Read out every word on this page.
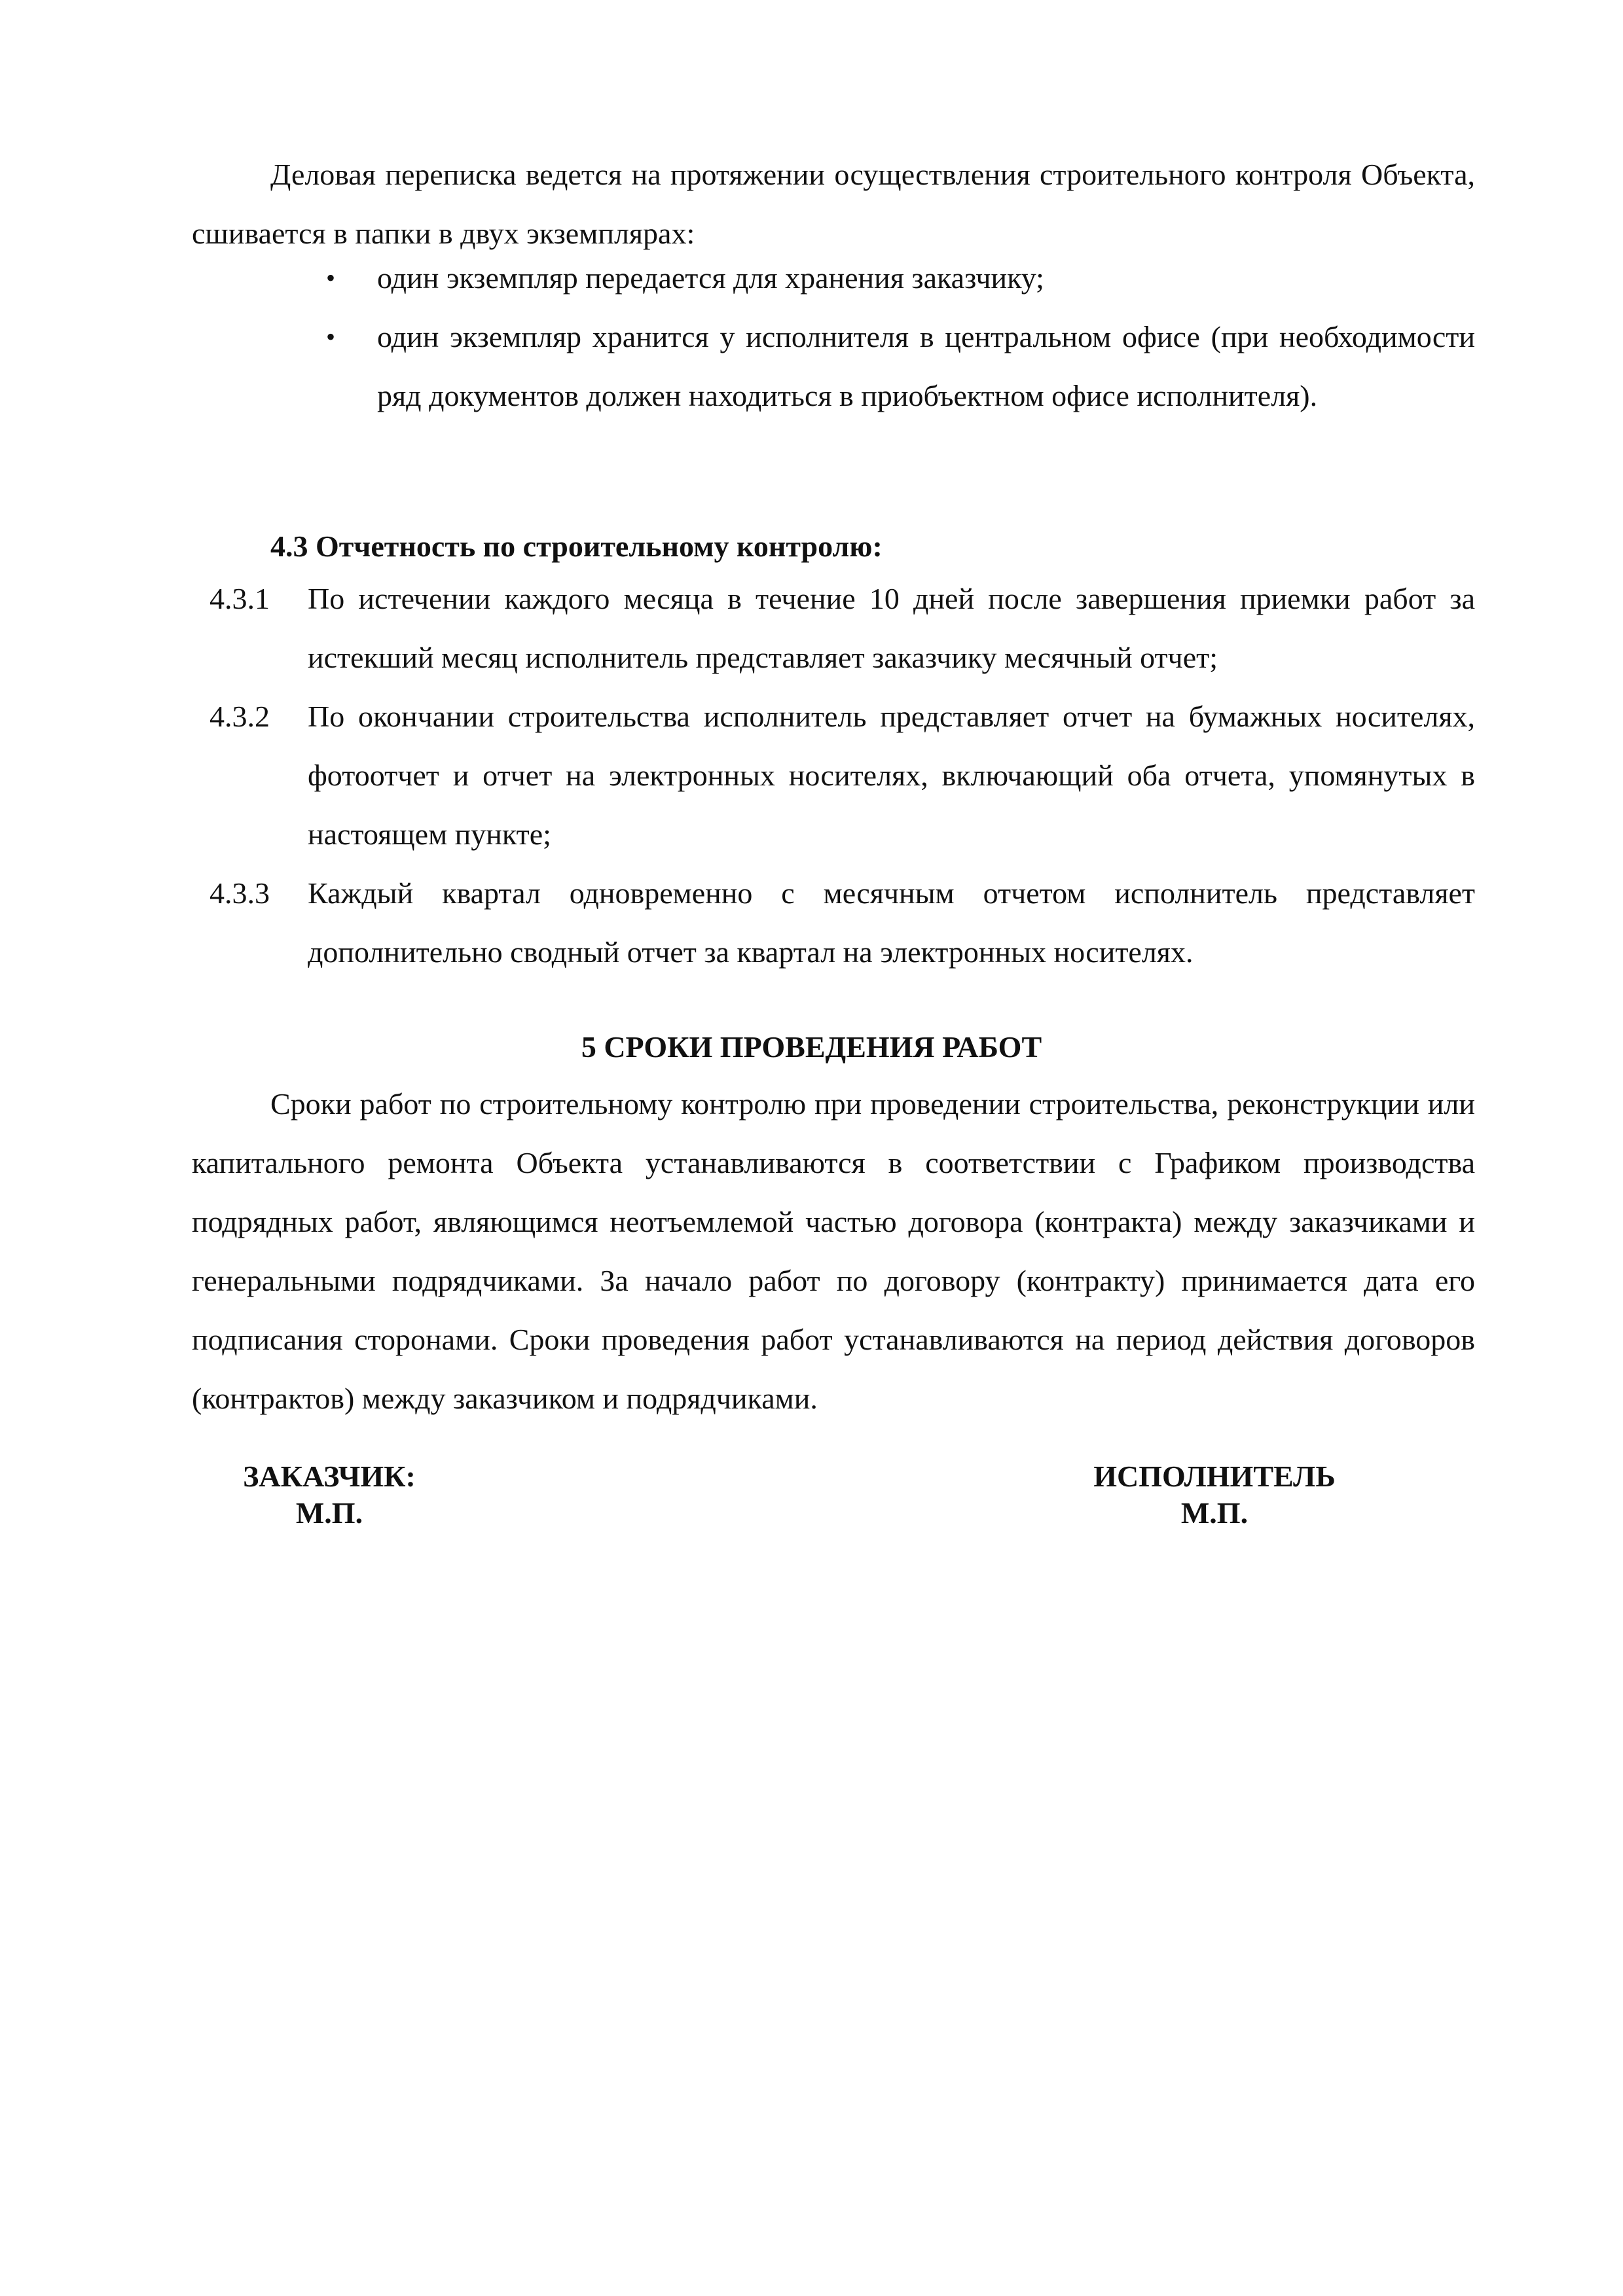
Деловая переписка ведется на протяжении осуществления строительного контроля Объекта, сшивается в папки в двух экземплярах:

• один экземпляр передается для хранения заказчику;
• один экземпляр хранится у исполнителя в центральном офисе (при необходимости ряд документов должен находиться в приобъектном офисе исполнителя).

4.3 Отчетность по строительному контролю:

4.3.1 По истечении каждого месяца в течение 10 дней после завершения приемки работ за истекший месяц исполнитель представляет заказчику месячный отчет;
4.3.2 По окончании строительства исполнитель представляет отчет на бумажных носителях, фотоотчет и отчет на электронных носителях, включающий оба отчета, упомянутых в настоящем пункте;
4.3.3 Каждый квартал одновременно с месячным отчетом исполнитель представляет дополнительно сводный отчет за квартал на электронных носителях.

5 СРОКИ ПРОВЕДЕНИЯ РАБОТ

Сроки работ по строительному контролю при проведении строительства, реконструкции или капитального ремонта Объекта устанавливаются в соответствии с Графиком производства подрядных работ, являющимся неотъемлемой частью договора (контракта) между заказчиками и генеральными подрядчиками. За начало работ по договору (контракту) принимается дата его подписания сторонами. Сроки проведения работ устанавливаются на период действия договоров (контрактов) между заказчиком и подрядчиками.

ЗАКАЗЧИК:
М.П.
ИСПОЛНИТЕЛЬ
М.П.
